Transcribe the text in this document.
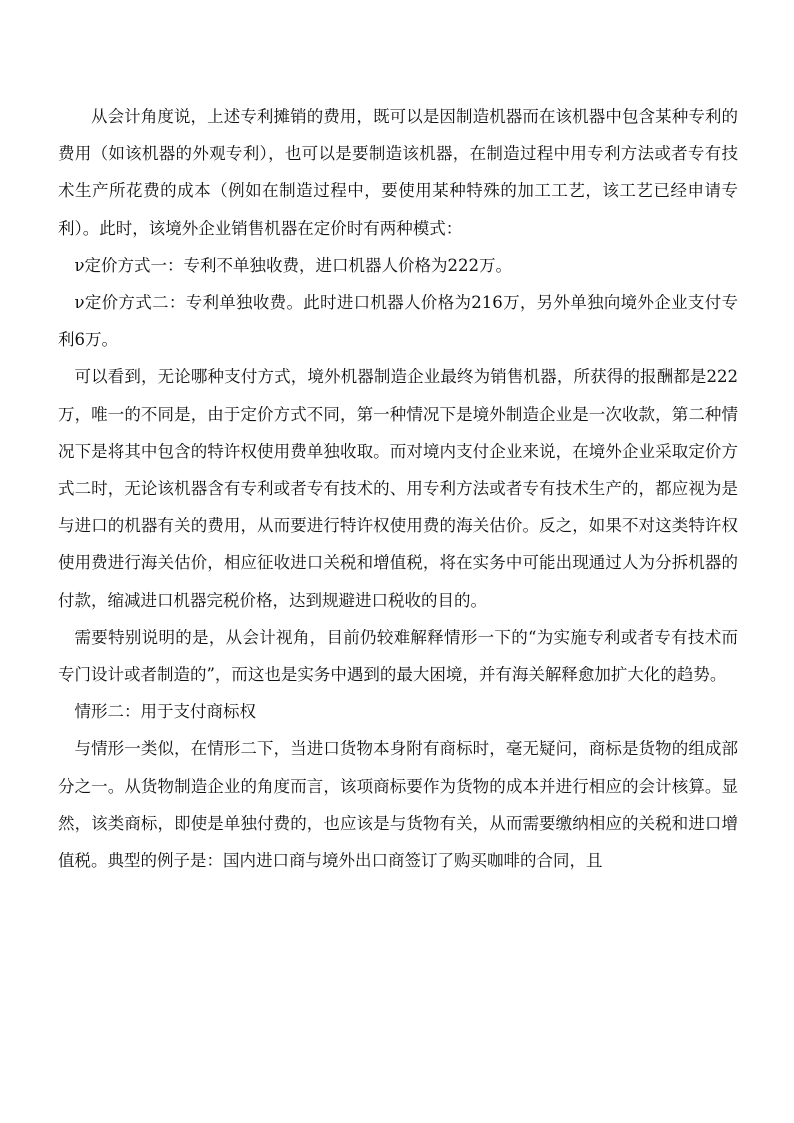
从会计角度说，上述专利摊销的费用，既可以是因制造机器而在该机器中包含某种专利的费用（如该机器的外观专利），也可以是要制造该机器，在制造过程中用专利方法或者专有技术生产所花费的成本（例如在制造过程中，要使用某种特殊的加工工艺，该工艺已经申请专利）。此时，该境外企业销售机器在定价时有两种模式：

ν定价方式一：专利不单独收费，进口机器人价格为222万。

ν定价方式二：专利单独收费。此时进口机器人价格为216万，另外单独向境外企业支付专利6万。

可以看到，无论哪种支付方式，境外机器制造企业最终为销售机器，所获得的报酬都是222万，唯一的不同是，由于定价方式不同，第一种情况下是境外制造企业是一次收款，第二种情况下是将其中包含的特许权使用费单独收取。而对境内支付企业来说，在境外企业采取定价方式二时，无论该机器含有专利或者专有技术的、用专利方法或者专有技术生产的，都应视为是与进口的机器有关的费用，从而要进行特许权使用费的海关估价。反之，如果不对这类特许权使用费进行海关估价，相应征收进口关税和增值税，将在实务中可能出现通过人为分拆机器的付款，缩减进口机器完税价格，达到规避进口税收的目的。

需要特别说明的是，从会计视角，目前仍较难解释情形一下的“为实施专利或者专有技术而专门设计或者制造的”，而这也是实务中遇到的最大困境，并有海关解释愈加扩大化的趋势。

情形二：用于支付商标权

与情形一类似，在情形二下，当进口货物本身附有商标时，毫无疑问，商标是货物的组成部分之一。从货物制造企业的角度而言，该项商标要作为货物的成本并进行相应的会计核算。显然，该类商标，即使是单独付费的，也应该是与货物有关，从而需要缴纳相应的关税和进口增值税。典型的例子是：国内进口商与境外出口商签订了购买咖啡的合同，且
